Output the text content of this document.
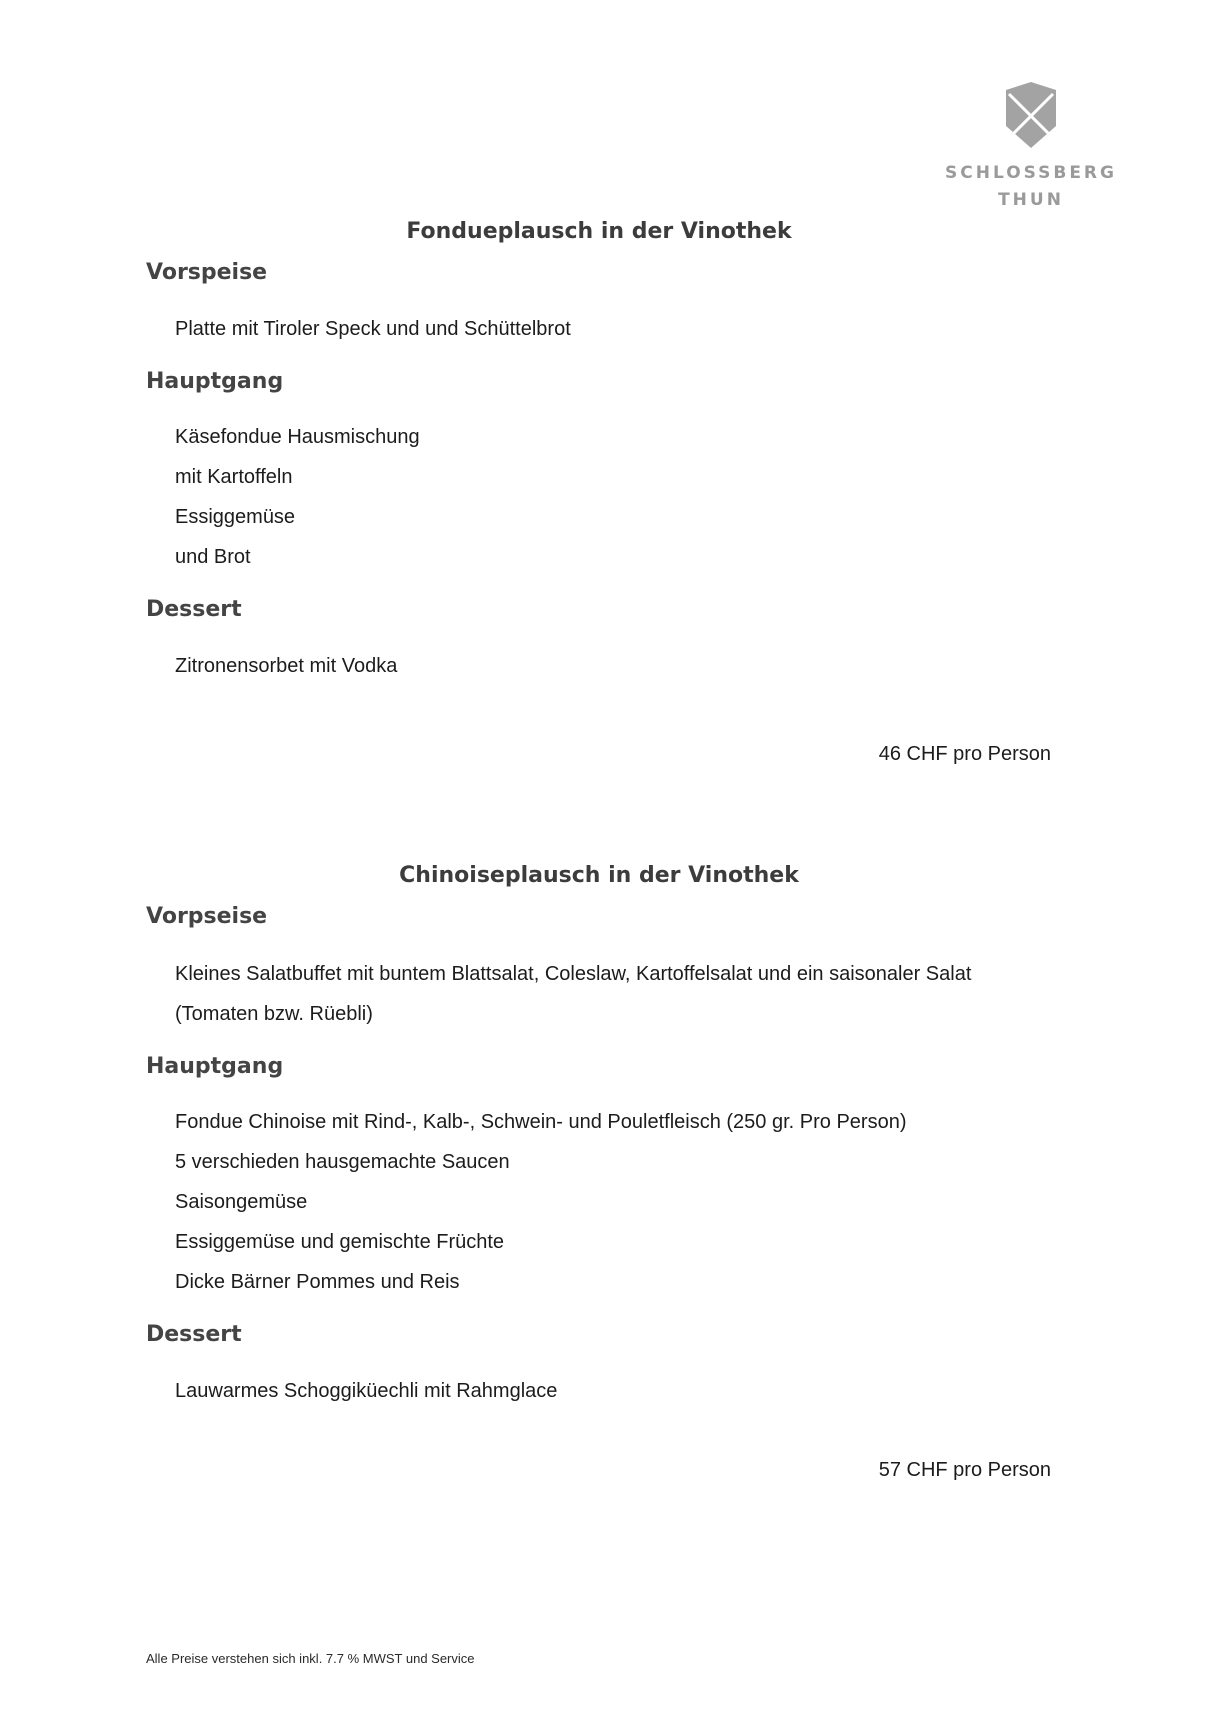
SCHLOSSBERG
THUN
Fondueplausch in der Vinothek
Vorspeise

Platte mit Tiroler Speck und und Schüttelbrot

Hauptgang

Käsefondue Hausmischung

mit Kartoffeln

Essiggemüse

und Brot

Dessert

Zitronensorbet mit Vodka

46 CHF pro Person

Chinoiseplausch in der Vinothek
Vorpseise

Kleines Salatbuffet mit buntem Blattsalat, Coleslaw, Kartoffelsalat und ein saisonaler Salat

(Tomaten bzw. Rüebli)

Hauptgang

Fondue Chinoise mit Rind-, Kalb-, Schwein- und Pouletfleisch (250 gr. Pro Person)

5 verschieden hausgemachte Saucen

Saisongemüse

Essiggemüse und gemischte Früchte

Dicke Bärner Pommes und Reis

Dessert

Lauwarmes Schoggiküechli mit Rahmglace

57 CHF pro Person

Alle Preise verstehen sich inkl. 7.7 % MWST und Service
